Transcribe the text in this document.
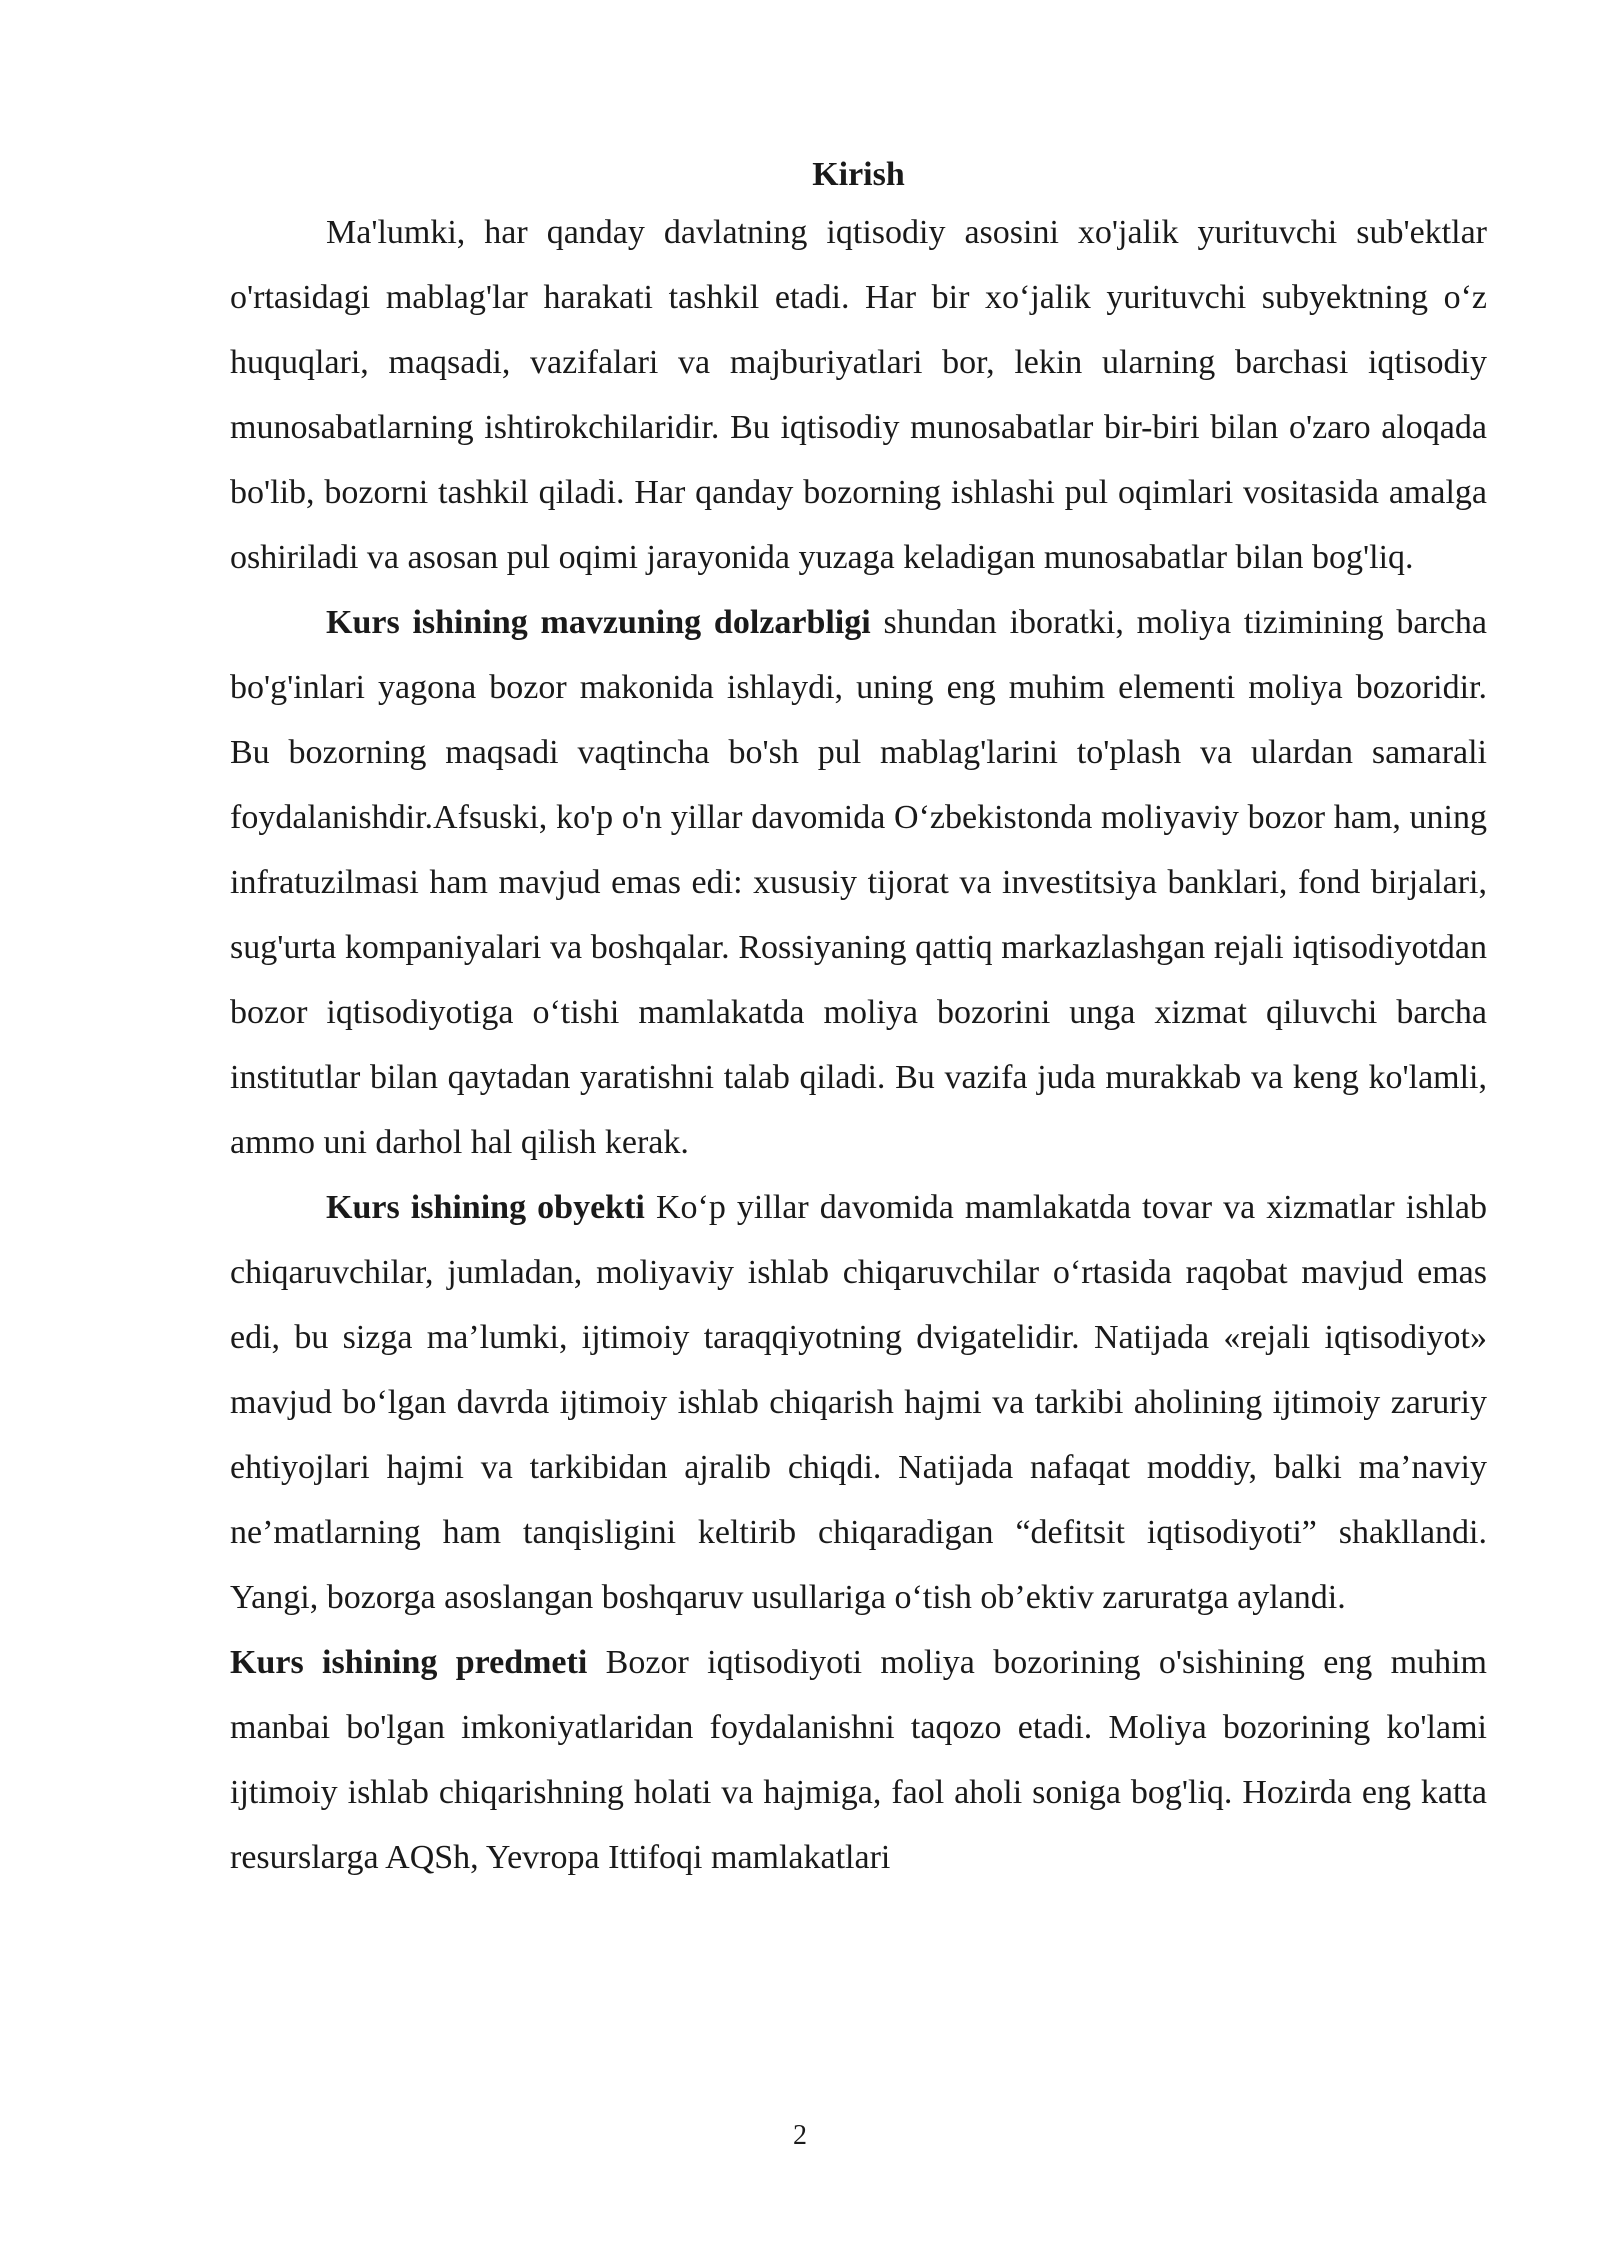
Kirish

Ma'lumki, har qanday davlatning iqtisodiy asosini xo'jalik yurituvchi sub'ektlar o'rtasidagi mablag'lar harakati tashkil etadi. Har bir xo‘jalik yurituvchi subyektning o‘z huquqlari, maqsadi, vazifalari va majburiyatlari bor, lekin ularning barchasi iqtisodiy munosabatlarning ishtirokchilaridir. Bu iqtisodiy munosabatlar bir-biri bilan o'zaro aloqada bo'lib, bozorni tashkil qiladi. Har qanday bozorning ishlashi pul oqimlari vositasida amalga oshiriladi va asosan pul oqimi jarayonida yuzaga keladigan munosabatlar bilan bog'liq.

Kurs ishining mavzuning dolzarbligi shundan iboratki, moliya tizimining barcha bo'g'inlari yagona bozor makonida ishlaydi, uning eng muhim elementi moliya bozoridir. Bu bozorning maqsadi vaqtincha bo'sh pul mablag'larini to'plash va ulardan samarali foydalanishdir.Afsuski, ko'p o'n yillar davomida O‘zbekistonda moliyaviy bozor ham, uning infratuzilmasi ham mavjud emas edi: xususiy tijorat va investitsiya banklari, fond birjalari, sug'urta kompaniyalari va boshqalar. Rossiyaning qattiq markazlashgan rejali iqtisodiyotdan bozor iqtisodiyotiga o‘tishi mamlakatda moliya bozorini unga xizmat qiluvchi barcha institutlar bilan qaytadan yaratishni talab qiladi. Bu vazifa juda murakkab va keng ko'lamli, ammo uni darhol hal qilish kerak.

Kurs ishining obyekti Ko‘p yillar davomida mamlakatda tovar va xizmatlar ishlab chiqaruvchilar, jumladan, moliyaviy ishlab chiqaruvchilar o‘rtasida raqobat mavjud emas edi, bu sizga ma’lumki, ijtimoiy taraqqiyotning dvigatelidir. Natijada «rejali iqtisodiyot» mavjud bo‘lgan davrda ijtimoiy ishlab chiqarish hajmi va tarkibi aholining ijtimoiy zaruriy ehtiyojlari hajmi va tarkibidan ajralib chiqdi. Natijada nafaqat moddiy, balki ma’naviy ne’matlarning ham tanqisligini keltirib chiqaradigan “defitsit iqtisodiyoti” shakllandi. Yangi, bozorga asoslangan boshqaruv usullariga o‘tish ob’ektiv zaruratga aylandi.

Kurs ishining predmeti Bozor iqtisodiyoti moliya bozorining o'sishining eng muhim manbai bo'lgan imkoniyatlaridan foydalanishni taqozo etadi. Moliya bozorining ko'lami ijtimoiy ishlab chiqarishning holati va hajmiga, faol aholi soniga bog'liq. Hozirda eng katta resurslarga AQSh, Yevropa Ittifoqi mamlakatlari

2
